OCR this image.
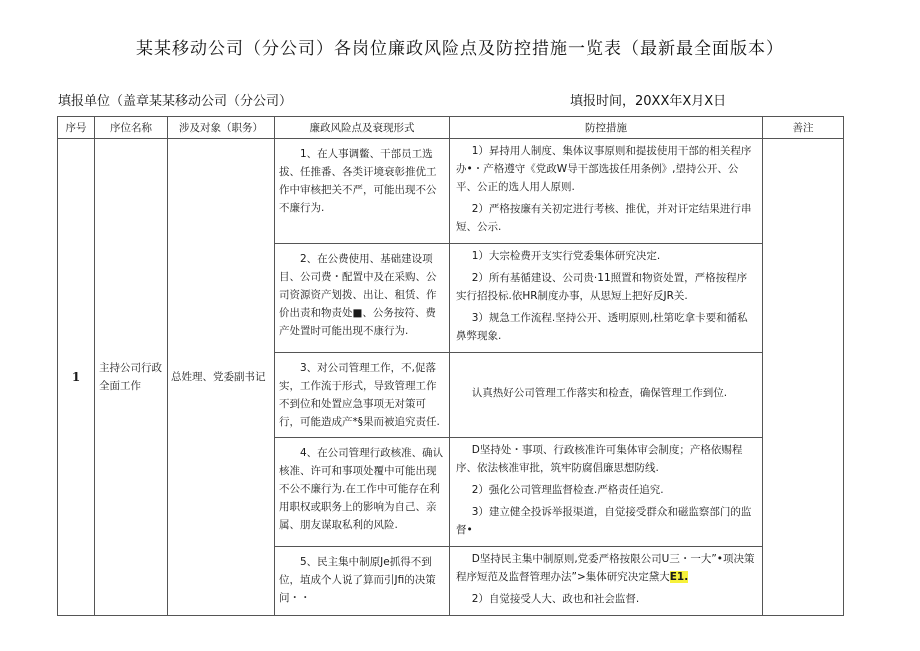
某某移动公司（分公司）各岗位廉政风险点及防控措施一览表（最新最全面版本）
填报单位（盖章某某移动公司（分公司）	填报时间，20XX年X月X日
序号	序位名称	涉及对象（职务）	廉政风险点及衰现形式	防控措施	善注
1	主持公司行政全面工作	总姓理、党委副书记	1、在人事调鳖、干部员工选拔、任推番、各类讦境衰彰推优工作中审核把关不严，可能出现不公不廉行为.	1）昇持用人制度、集体议事原则和提拔使用干部的相关程序办•・产格遵守《党政W导干部选拔任用条例》,望持公开、公平、公正的选人用人原则.
2）严格按廉有关初定进行考核、推优，并对讦定结果进行串短、公示.	

			2、在公费使用、基础建设项目、公司费・配置中及在采购、公司资源资产划拨、出让、租赁、作价出责和物责处■、公务按符、费产处置时可能出现不康行为.	1）大宗检费开支实行党委集体研究决定.
2）所有基循建设、公司贵·11照置和物资处置，严格按程序实行招投标.依HR制度办事，从思短上把好反JR关.
3）规急工作流程.坚持公开、透明原则,杜第吃拿卡要和循私鼻弊现象.	

			3、对公司管理工作，不,促落实，工作流于形式，导致管理工作不到位和处置应急事项无对策可行，可能造成产*§果而被追究责任.	认真热好公司管理工作落实和检查，确保管理工作到位.	

			4、在公司管理行政核准、确认核准、许可和事项处覆中可能出现不公不廉行为.在工作中可能存在利用职权或职务上的影响为自己、亲属、朋友谋取私利的风险.	D坚持处・事项、行政核准许可集体审会制度；产格依赐程序、依法核准审批，筑牢防腐倡廉思想防线.
2）强化公司管理监督检查.严格责任追究.
3）建立健全投诉举报渠道，自觉接受群众和磁监察部门的监督•	

			5、民主集中制原Je抓得不到位，埴成个人说了算而引Jfi的决策问・・	D坚持民主集中制原则,党委严格按限公司U三・一大”•项决策程序短范及监督管理办法”>集体研究决定黛大E1.
2）自觉接受人大、政也和社会监督.	
